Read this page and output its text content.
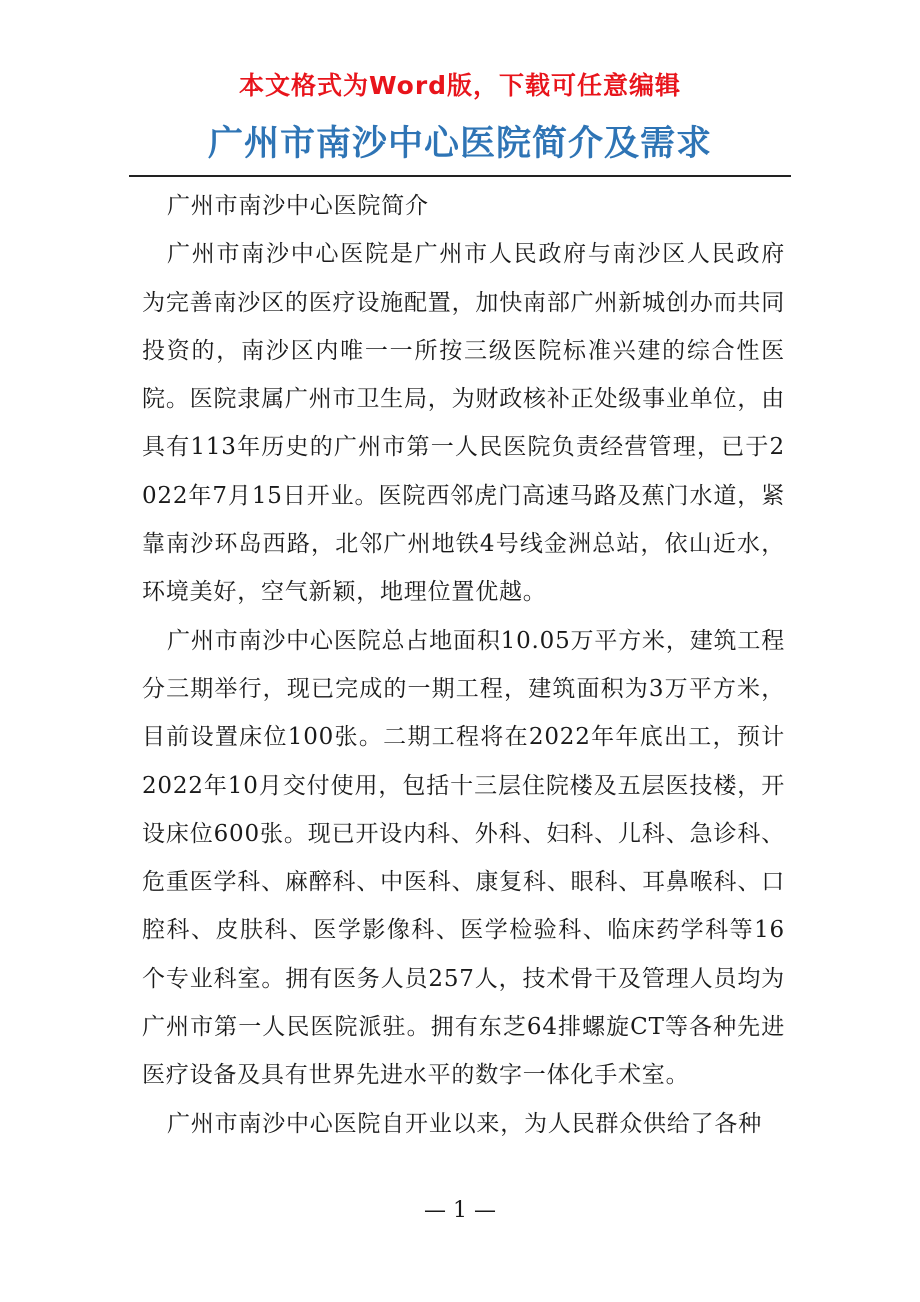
本文格式为Word版，下载可任意编辑
广州市南沙中心医院简介及需求

广州市南沙中心医院简介

广州市南沙中心医院是广州市人民政府与南沙区人民政府为完善南沙区的医疗设施配置，加快南部广州新城创办而共同投资的，南沙区内唯一一所按三级医院标准兴建的综合性医院。医院隶属广州市卫生局，为财政核补正处级事业单位，由具有113年历史的广州市第一人民医院负责经营管理，已于2022年7月15日开业。医院西邻虎门高速马路及蕉门水道，紧靠南沙环岛西路，北邻广州地铁4号线金洲总站，依山近水，环境美好，空气新颖，地理位置优越。

广州市南沙中心医院总占地面积10.05万平方米，建筑工程分三期举行，现已完成的一期工程，建筑面积为3万平方米，目前设置床位100张。二期工程将在2022年年底出工，预计2022年10月交付使用，包括十三层住院楼及五层医技楼，开设床位600张。现已开设内科、外科、妇科、儿科、急诊科、危重医学科、麻醉科、中医科、康复科、眼科、耳鼻喉科、口腔科、皮肤科、医学影像科、医学检验科、临床药学科等16个专业科室。拥有医务人员257人，技术骨干及管理人员均为广州市第一人民医院派驻。拥有东芝64排螺旋CT等各种先进医疗设备及具有世界先进水平的数字一体化手术室。

广州市南沙中心医院自开业以来，为人民群众供给了各种

— 1 —
